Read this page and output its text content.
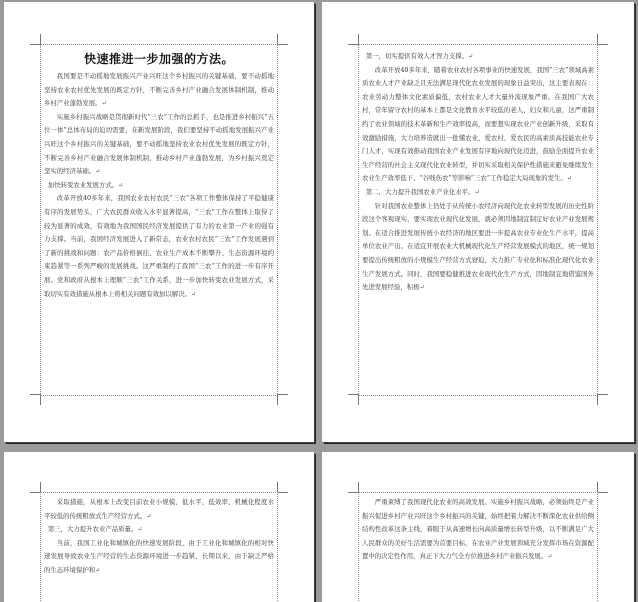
快速推进一步加强的方法。

我国要是不动摇地发展振兴产业兴旺这个乡村振兴的关键基础，要不动摇地坚持农业农村优先发展的既定方针，不断完善乡村产业融合发展体制机制，推动乡村产业蓬勃发展。↵

实施乡村振兴战略是贯彻新时代“三农”工作的总抓手，也是推进乡村振兴“五位一体”总体布局的迫切需要，在新发展阶段，我们要坚持不动摇地发展振兴产业兴旺这个乡村振兴的关键基础，要不动摇地坚持农业农村优先发展的既定方针，不断完善乡村产业融合发展体制机制，推动乡村产业蓬勃发展，为乡村振兴奠定坚实的经济基础。↵

加快转变农业发展方式。↵

改革开放40多年来，我国农业农村农民“三农”各项工作整体保持了平稳健康有序的发展势头，广大农民群众收入水平显著提高，“三农”工作在整体上取得了较为显著的成效，有效地为我国国民经济发展提供了有力的农业第一产业的强有力支撑。当前，我国经济发展进入了新常态，农业农村农民“三农”工作发展遇到了新的挑战和问题：农产品价格倒挂、农业生产成本不断攀升、生态资源环境约束趋紧等一系列严峻的发展挑战。这严重制约了我国“三农”工作的进一步有序开展。党和政府从根本上理顺“三农”工作关系，进一步加快转变农业发展方式，采取切实有效措施从根本上将相关问题有效加以解决。↵

第一，切实提供有效人才智力支撑。↵

改革开放40多年来，随着农业农村各项事业的快速发展，我国“三农”领域高素质农业人才产业缺乏且无法满足现代化农业发展的现象日益突出，这主要表现在：农业劳动力整体文化素质偏低，农村农业人才大量外流现象严重。在我国广大农村，常年留守农村的基本上都是文化教育水平较低的老人、妇女和儿童，这严重制约了农业领域的技术革新和生产效率提高，而要想实现农业产业创新升级，采取有效激励措施，大力培养造就出一批懂农业、爱农村、爱农民的高素质高技能农业专门人才，实现有效推动我国农业产业发展有序地向现代化迈进，鼓励全面提升农业生产经营的社会主义现代化农业转型，并切实采取相关保护性措施来避免继续发生农业生产效率低下、“谷贱伤农”等影响“三农”工作稳定大局现象的发生。↵

第二，大力提升我国农业产业化水平。↵

针对我国农业整体上仍处于从传统小农经济向现代化农业转型发展的历史性阶段这个客观现实，要实现农业现代化发展，就必须因地制宜制定好农业产业发展规划。在适合推进发展传统小农经济的地区要进一步提高农业专业化生产水平，提高单位农业产出。在适宜开展农业大机械现代化生产经营发展模式的地区，统一规划要提出传统粗放的小规模生产经营方式窘迫，大力推广专业化和标准化现代化农业生产发展方式。同时，我国要稳健推进农业现代化生产方式，因地制宜地借鉴国外先进发展经验，积极↵

采取措施，从根本上改变目前农业小规模、低水平、低效率、机械化程度水平较低的传统粗放式生产经营方式。↵

第三，大力提升农业产品质量。↵

当前，我国工业化和城镇化的快速发展阶段，由于工业化和城镇化的相对快速发展导致农业生产经营的生态资源环境进一步趋紧，长期以来，由于缺乏严格的生态环境保护和↵

严重束缚了我国现代化农业的高效发展。实施乡村振兴战略，必须始终是产业振兴促进乡村产业兴旺这个乡村振兴的关键，始终把着力解决不断深化农业供给侧结构性改革这条主线，着眼于从高速增长向高质量增长转型升级，以不断满足广大人民群众的美好生活需要为首要目标，在农业产业发展领域充分发挥市场在资源配置中的决定性作用，真正下大力气全方位推进乡村产业振兴发展。↵
